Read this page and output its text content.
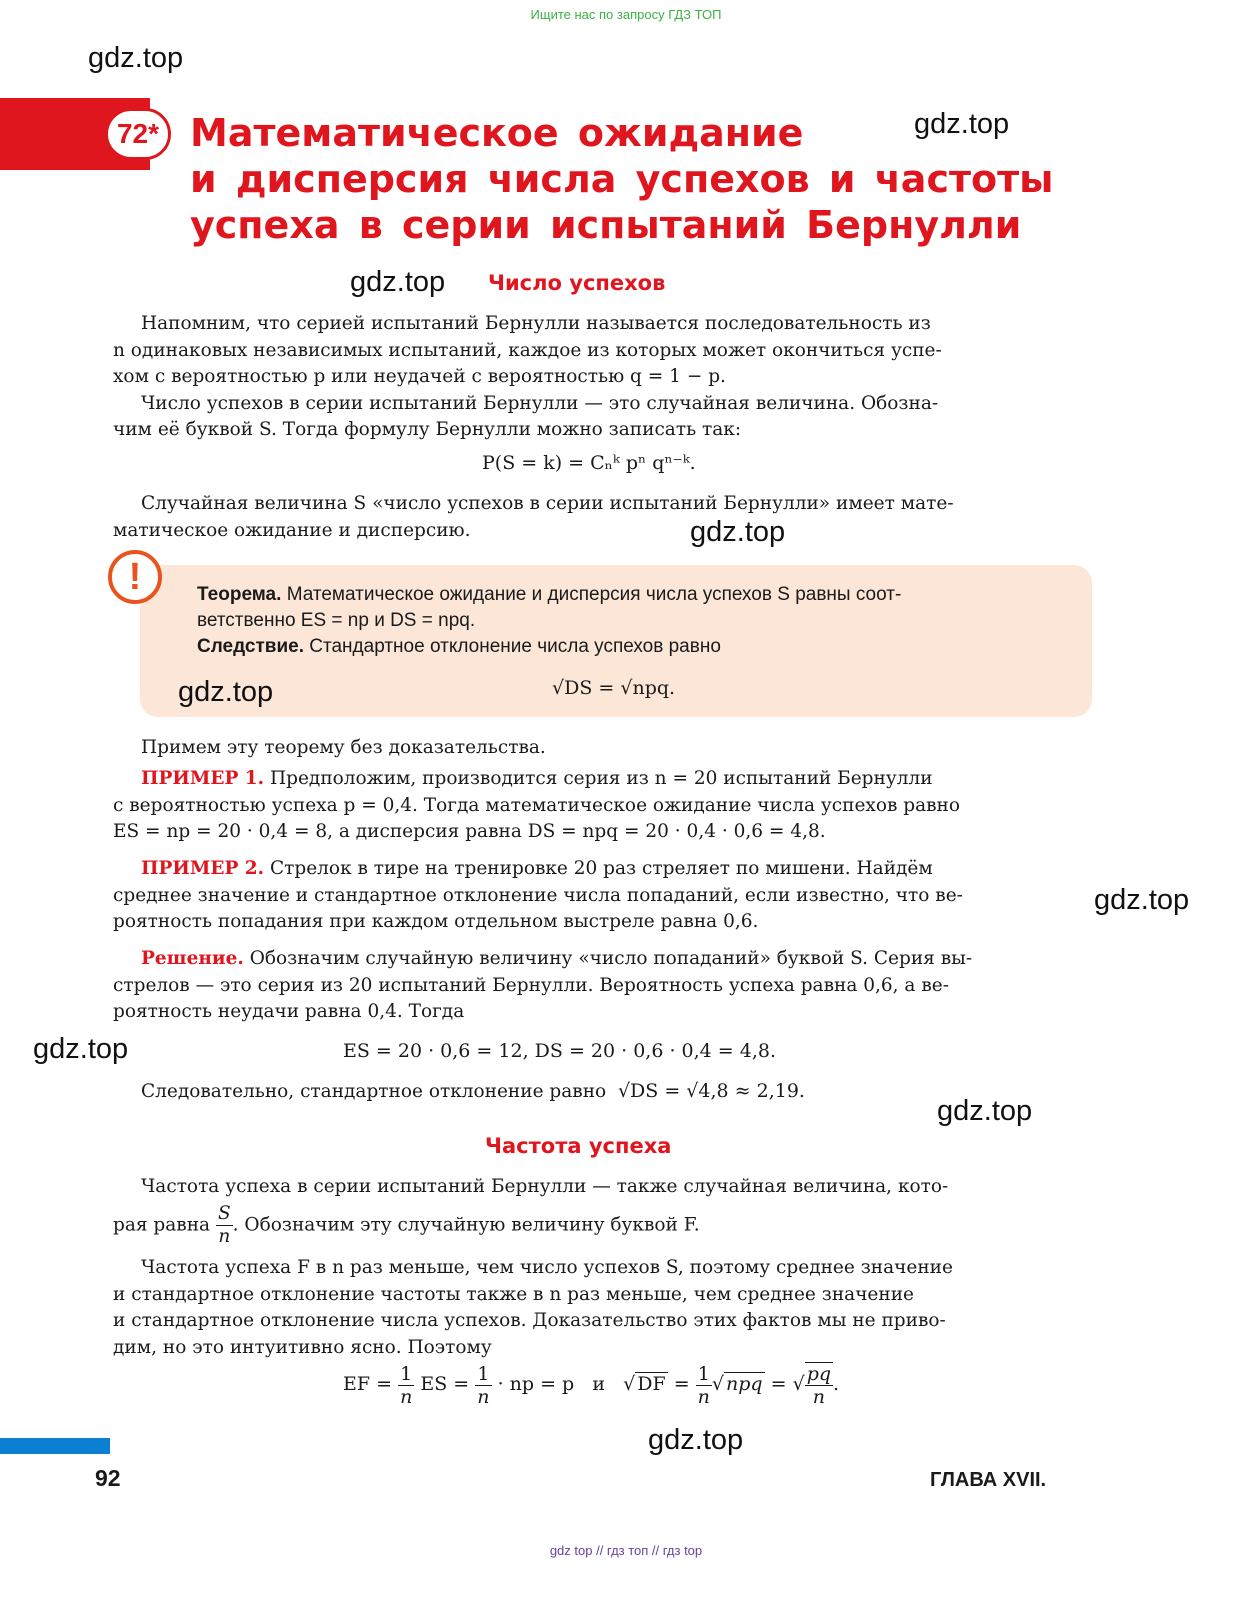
Ищите нас по запросу ГДЗ ТОП
gdz.top
gdz.top
gdz.top
gdz.top
gdz.top
gdz.top
gdz.top
gdz.top
gdz.top
72* Математическое ожидание
и дисперсия числа успехов и частоты
успеха в серии испытаний Бернулли
Число успехов
Напомним, что серией испытаний Бернулли называется последовательность из
n одинаковых независимых испытаний, каждое из которых может окончиться успе-
хом с вероятностью p или неудачей с вероятностью q = 1 − p.
Число успехов в серии испытаний Бернулли — это случайная величина. Обозна-
чим её буквой S. Тогда формулу Бернулли можно записать так:
P(S = k) = Cₙᵏ pⁿ qⁿ⁻ᵏ.
Случайная величина S «число успехов в серии испытаний Бернулли» имеет мате-
матическое ожидание и дисперсию.
!	Теорема. Математическое ожидание и дисперсия числа успехов S равны соот-
ветственно ES = np и DS = npq.
Следствие. Стандартное отклонение числа успехов равно
√DS = √npq.
Примем эту теорему без доказательства.
ПРИМЕР 1. Предположим, производится серия из n = 20 испытаний Бернулли
с вероятностью успеха p = 0,4. Тогда математическое ожидание числа успехов равно
ES = np = 20 · 0,4 = 8, а дисперсия равна DS = npq = 20 · 0,4 · 0,6 = 4,8.
ПРИМЕР 2. Стрелок в тире на тренировке 20 раз стреляет по мишени. Найдём
среднее значение и стандартное отклонение числа попаданий, если известно, что ве-
роятность попадания при каждом отдельном выстреле равна 0,6.
Решение. Обозначим случайную величину «число попаданий» буквой S. Серия вы-
стрелов — это серия из 20 испытаний Бернулли. Вероятность успеха равна 0,6, а ве-
роятность неудачи равна 0,4. Тогда
ES = 20 · 0,6 = 12, DS = 20 · 0,6 · 0,4 = 4,8.
Следовательно, стандартное отклонение равно √DS = √4,8 ≈ 2,19.
Частота успеха
Частота успеха в серии испытаний Бернулли — также случайная величина, кото-
рая равна $\frac{S}{n}$ . Обозначим эту случайную величину буквой F.
Частота успеха F в n раз меньше, чем число успехов S, поэтому среднее значение
и стандартное отклонение частоты также в n раз меньше, чем среднее значение
и стандартное отклонение числа успехов. Доказательство этих фактов мы не приво-
дим, но это интуитивно ясно. Поэтому
EF = $\frac{1}{n}$ ES = $\frac{1}{n}$ · np = p и   √ DF = $\frac{1}{n}$ √ npq = √ $\frac{pq}{n}$ .
92	ГЛАВА XVII.
gdz top // гдз топ // гдз top
